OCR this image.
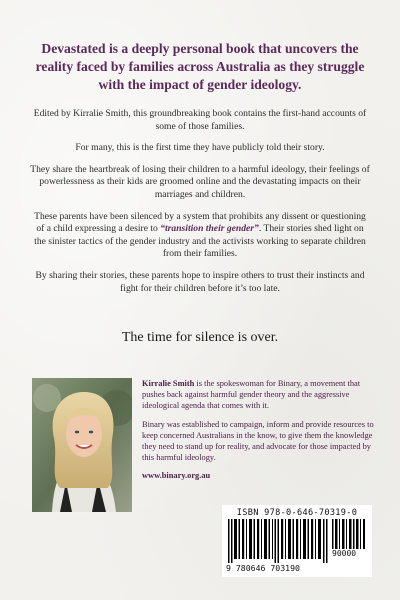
Devastated is a deeply personal book that uncovers the reality faced by families across Australia as they struggle with the impact of gender ideology.

Edited by Kirralie Smith, this groundbreaking book contains the first-hand accounts of some of those families.

For many, this is the first time they have publicly told their story.

They share the heartbreak of losing their children to a harmful ideology, their feelings of powerlessness as their kids are groomed online and the devastating impacts on their marriages and children.

These parents have been silenced by a system that prohibits any dissent or questioning of a child expressing a desire to “transition their gender”. Their stories shed light on the sinister tactics of the gender industry and the activists working to separate children from their families.

By sharing their stories, these parents hope to inspire others to trust their instincts and fight for their children before it’s too late.

The time for silence is over.

Kirralie Smith is the spokeswoman for Binary, a movement that pushes back against harmful gender theory and the aggressive ideological agenda that comes with it.

Binary was established to campaign, inform and provide resources to keep concerned Australians in the know, to give them the knowledge they need to stand up for reality, and advocate for those impacted by this harmful ideology.

www.binary.org.au

ISBN 978-0-646-70319-0
90000
9 780646 703190
